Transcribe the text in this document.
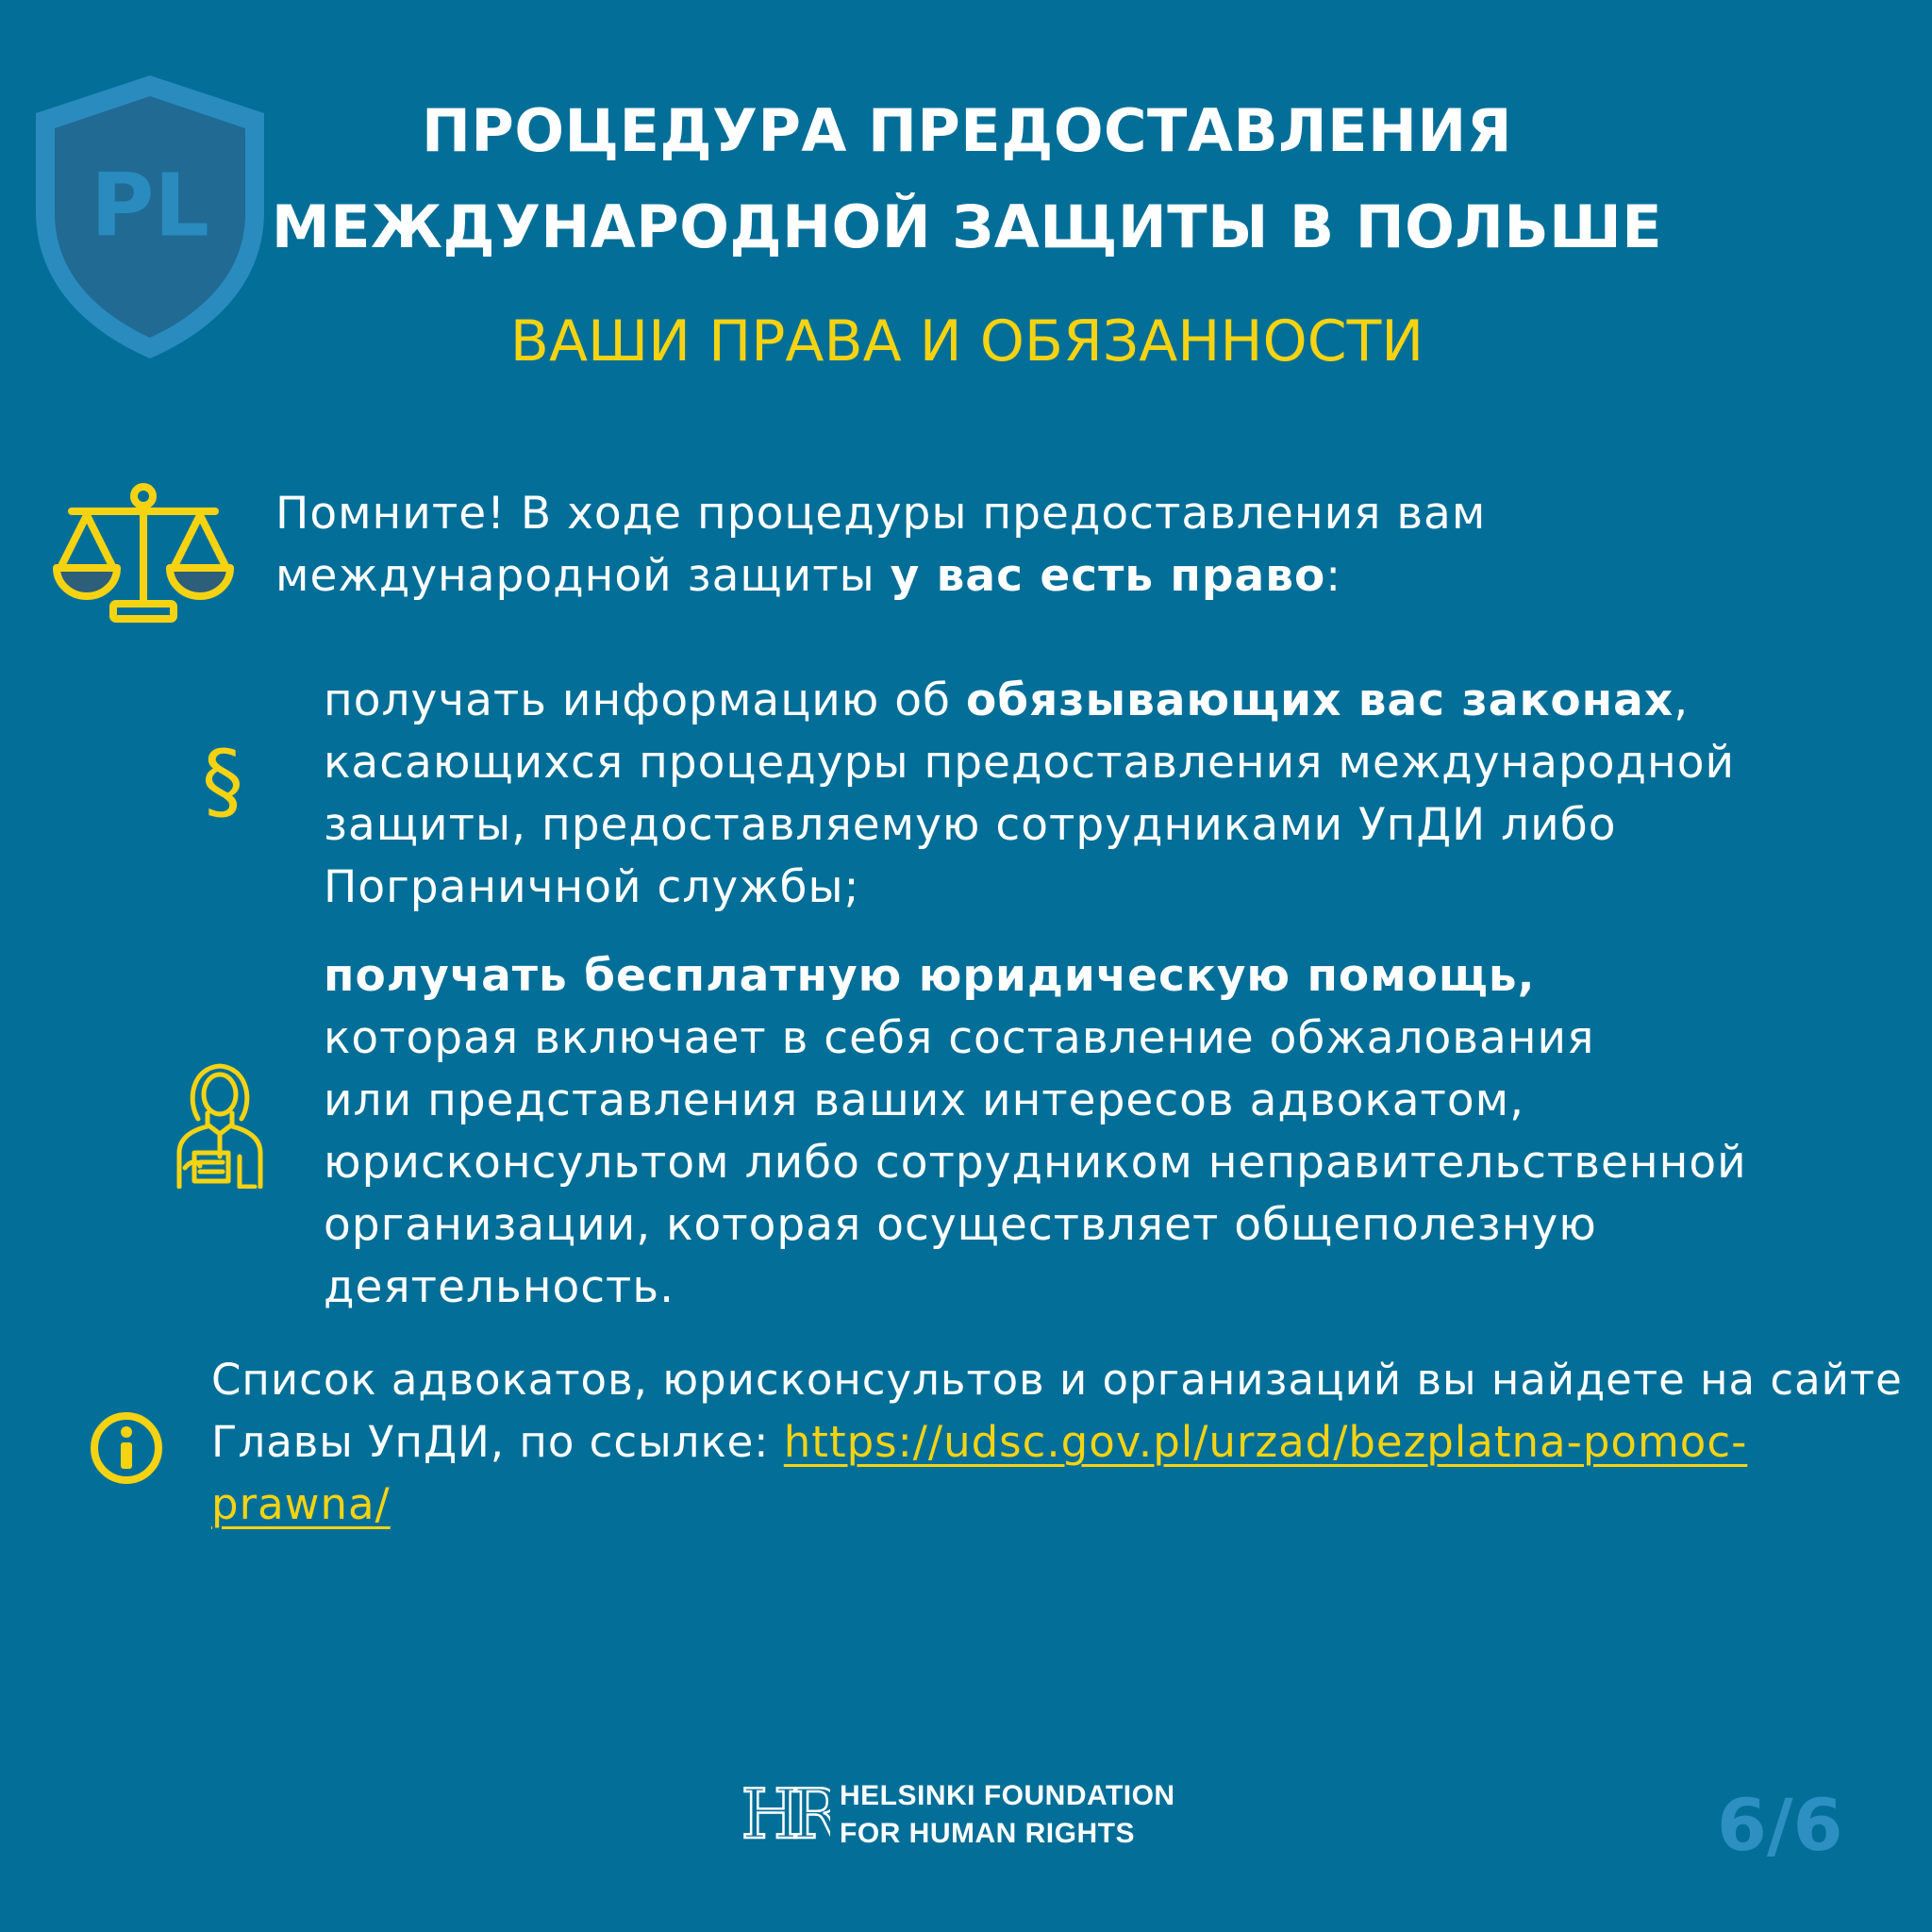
PL
ПРОЦЕДУРА ПРЕДОСТАВЛЕНИЯ
МЕЖДУНАРОДНОЙ ЗАЩИТЫ В ПОЛЬШЕ
ВАШИ ПРАВА И ОБЯЗАННОСТИ
Помните! В ходе процедуры предоставления вам
международной защиты у вас есть право:
§
получать информацию об обязывающих вас законах,
касающихся процедуры предоставления международной
защиты, предоставляемую сотрудниками УпДИ либо
Пограничной службы;
получать бесплатную юридическую помощь,
которая включает в себя составление обжалования
или представления ваших интересов адвокатом,
юрисконсультом либо сотрудником неправительственной
организации, которая осуществляет общеполезную
деятельность.
Список адвокатов, юрисконсультов и организаций вы найдете на сайте
Главы УпДИ, по ссылке: https://udsc.gov.pl/urzad/bezplatna-pomoc-
prawna/
HR HELSINKI FOUNDATION
FOR HUMAN RIGHTS	6/6
